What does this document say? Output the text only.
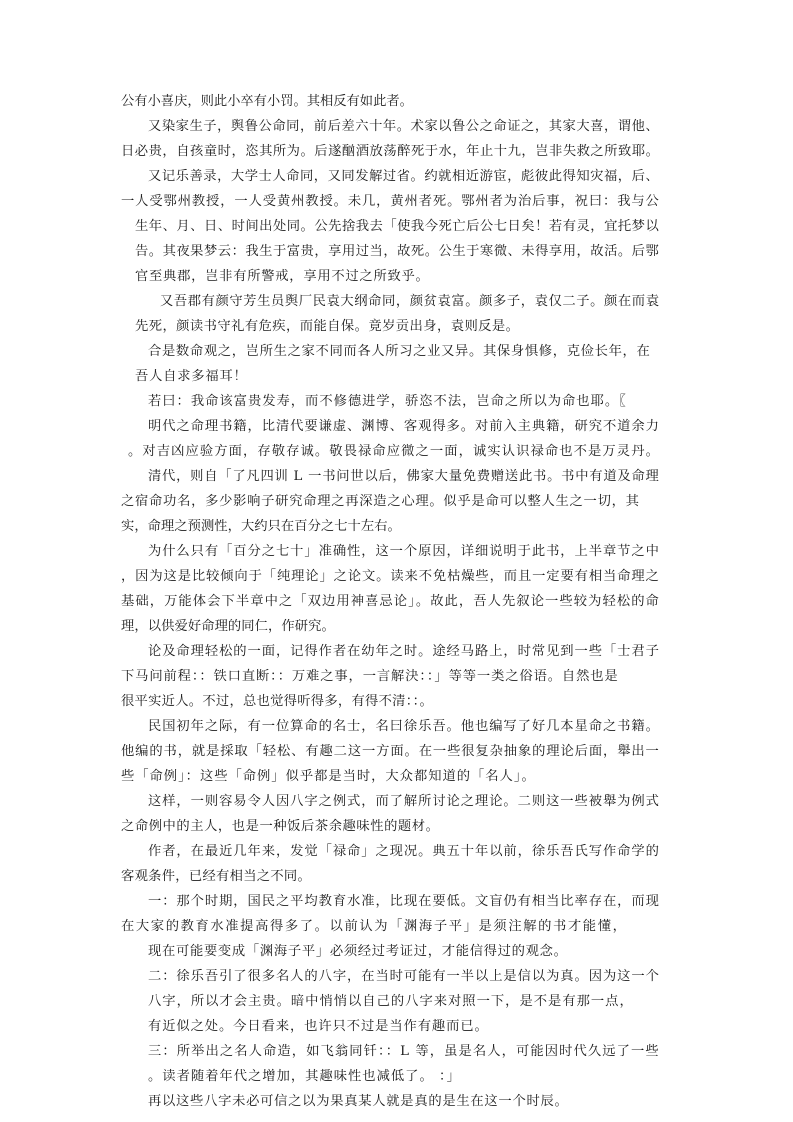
公有小喜庆，则此小卒有小罚。其相反有如此者。
又染家生子，舆鲁公命同，前后差六十年。术家以鲁公之命证之，其家大喜，谓他、
日必贵，自孩童时，恣其所为。后遂酗酒放荡醉死于水，年止十九，岂非失救之所致耶。
又记乐善录，大学士人命同，又同发解过省。约就相近游宦，彪彼此得知灾福，后、
一人受鄂州教授，一人受黄州教授。未几，黄州者死。鄂州者为治后事，祝曰：我与公
生年、月、日、时间出处同。公先捨我去「使我今死亡后公七日矣！若有灵，宜托梦以
告。其夜果梦云：我生于富贵，享用过当，故死。公生于寒微、未得享用，故活。后鄂
官至典郡，岂非有所警戒，享用不过之所致乎。
又吾郡有颜守芳生员舆厂民袁大纲命同，颜贫袁富。颜多子，袁仅二子。颜在而袁
先死，颜读书守礼有危疾，而能自保。竟岁贡出身，袁则反是。
合是数命观之，岂所生之家不同而各人所习之业又异。其保身惧修，克俭长年，在
吾人自求多福耳！
若曰：我命该富贵发寿，而不修德进学，骄恣不法，岂命之所以为命也耶。〖
明代之命理书籍，比清代要谦虚、渊博、客观得多。对前入主典籍，研究不道余力
。对吉凶应验方面，存敬存诚。敬畏禄命应微之一面，诚实认识禄命也不是万灵丹。
清代，则自「了凡四训 L 一书问世以后，佛家大量免费赠送此书。书中有道及命理
之宿命功名，多少影响子研究命理之再深造之心理。似乎是命可以整人生之一切，其
实，命理之预测性，大约只在百分之七十左右。
为什么只有「百分之七十」准确性，这一个原因，详细说明于此书，上半章节之中
，因为这是比较倾向于「纯理论」之论文。读来不免枯燥些，而且一定要有相当命理之
基础，万能体会下半章中之「双边用神喜忌论」。故此，吾人先叙论一些较为轻松的命
理，以供爱好命理的同仁，作研究。
论及命理轻松的一面，记得作者在幼年之时。途经马路上，时常见到一些「士君子
下马问前程：：铁口直断：：万难之事，一言解決：：」等等一类之俗语。自然也是
很平实近人。不过，总也觉得听得多，有得不清：：。
民国初年之际，有一位算命的名士，名曰徐乐吾。他也编写了好几本星命之书籍。
他编的书，就是採取「轻松、有趣二这一方面。在一些很复杂抽象的理论后面，舉出一
些「命例」：这些「命例」似乎都是当时，大众都知道的「名人」。
这样，一则容易令人因八字之例式，而了解所讨论之理论。二则这一些被舉为例式
之命例中的主人，也是一种饭后茶余趣味性的题材。
作者，在最近几年来，发觉「禄命」之现况。典五十年以前，徐乐吾氏写作命学的
客观条件，已经有相当之不同。
一：那个时期，国民之平均教育水准，比现在要低。文盲仍有相当比率存在，而现
在大家的教育水准提高得多了。以前认为「渊海子平」是须注解的书才能懂，
现在可能要变成「渊海子平」必须经过考证过，才能信得过的观念。
二：徐乐吾引了很多名人的八字，在当时可能有一半以上是信以为真。因为这一个
八字，所以才会主贵。暗中悄悄以自己的八字来对照一下，是不是有那一点，
有近似之处。今日看来，也许只不过是当作有趣而已。
三：所举出之名人命造，如飞翁同钎：：L 等，虽是名人，可能因时代久远了一些
。读者随着年代之增加，其趣味性也减低了。 ：」
再以这些八字未必可信之以为果真某人就是真的是生在这一个时辰。
